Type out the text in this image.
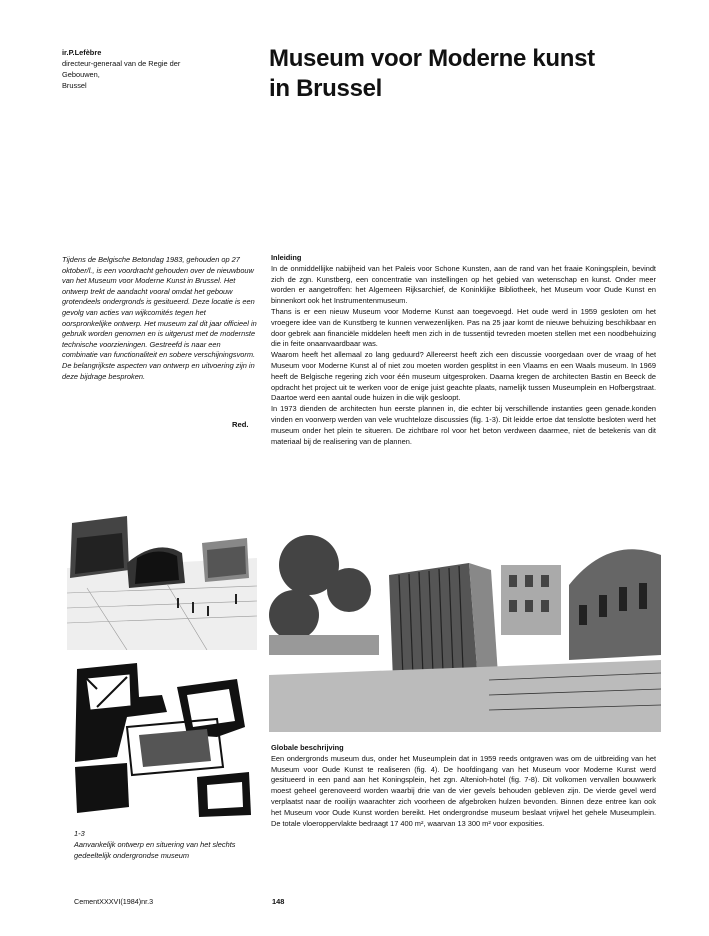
ir.P.Lefèbre
directeur-generaal van de Regie der
Gebouwen,
Brussel
Museum voor Moderne kunst
in Brussel

Tijdens de Belgische Betondag 1983, gehouden op 27 oktober/l., is een voordracht gehouden over de nieuwbouw van het Museum voor Moderne Kunst in Brussel. Het ontwerp trekt de aandacht vooral omdat het gebouw grotendeels ondergronds is gesitueerd. Deze locatie is een gevolg van acties van wijkcomités tegen het oorspronkelijke ontwerp. Het museum zal dit jaar officieel in gebruik worden genomen en is uitgerust met de modernste technische voorzieningen. Gestreefd is naar een combinatie van functionaliteit en sobere verschijningsvorm. De belangrijkste aspecten van ontwerp en uitvoering zijn in deze bijdrage besproken.

Red.
Inleiding

In de onmiddellijke nabijheid van het Paleis voor Schone Kunsten, aan de rand van het fraaie Koningsplein, bevindt zich de zgn. Kunstberg, een concentratie van instellingen op het gebied van wetenschap en kunst. Onder meer worden er aangetroffen: het Algemeen Rijksarchief, de Koninklijke Bibliotheek, het Museum voor Oude Kunst en binnenkort ook het Instrumentenmuseum.

Thans is er een nieuw Museum voor Moderne Kunst aan toegevoegd. Het oude werd in 1959 gesloten om het vroegere idee van de Kunstberg te kunnen verwezenlijken. Pas na 25 jaar komt de nieuwe behuizing beschikbaar en door gebrek aan financiële middelen heeft men zich in de tussentijd tevreden moeten stellen met een noodbehuizing die in feite onaanvaardbaar was.

Waarom heeft het allemaal zo lang geduurd? Allereerst heeft zich een discussie voorgedaan over de vraag of het Museum voor Moderne Kunst al of niet zou moeten worden gesplitst in een Vlaams en een Waals museum. In 1969 heeft de Belgische regering zich voor één museum uitgesproken. Daarna kregen de architecten Bastin en Beeck de opdracht het project uit te werken voor de enige juist geachte plaats, namelijk tussen Museumplein en Hofbergstraat. Daartoe werd een aantal oude huizen in die wijk gesloopt.

In 1973 dienden de architecten hun eerste plannen in, die echter bij verschillende instanties geen genade.konden vinden en voorwerp werden van vele vruchteloze discussies (fig. 1-3). Dit leidde ertoe dat tenslotte besloten werd het museum onder het plein te situeren. De zichtbare rol voor het beton verdween daarmee, niet de betekenis van dit materiaal bij de realisering van de plannen.

Globale beschrijving

Een ondergronds museum dus, onder het Museumplein dat in 1959 reeds ontgraven was om de uitbreiding van het Museum voor Oude Kunst te realiseren (fig. 4). De hoofdingang van het Museum voor Moderne Kunst werd gesitueerd in een pand aan het Koningsplein, het zgn. Altenioh-hotel (fig. 7-8). Dit volkomen vervallen bouwwerk moest geheel gerenoveerd worden waarbij drie van de vier gevels behouden gebleven zijn. De vierde gevel werd verplaatst naar de rooilijn waarachter zich voorheen de afgebroken hulzen bevonden. Binnen deze entree kan ook het Museum voor Oude Kunst worden bereikt. Het ondergrondse museum beslaat vrijwel het gehele Museumplein. De totale vloeroppervlakte bedraagt 17 400 m², waarvan 13 300 m² voor exposities.

1-3
Aanvankelijk ontwerp en situering van het slechts gedeeltelijk ondergrondse museum
CementXXXVI(1984)nr.3	148
